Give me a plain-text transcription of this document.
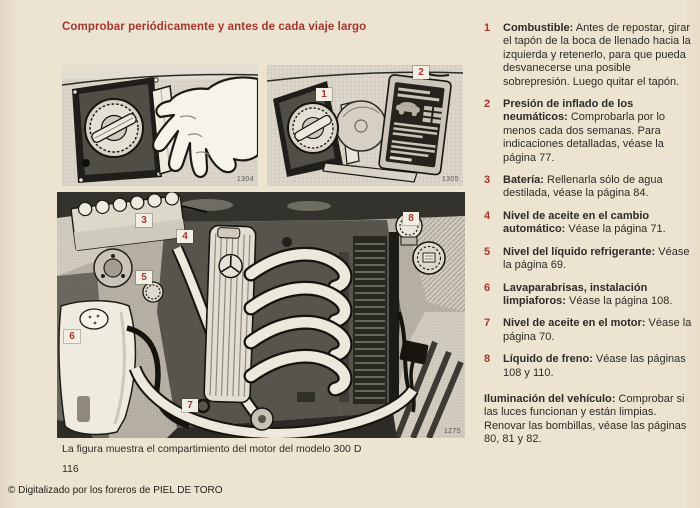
Comprobar periódicamente y antes de cada viaje largo
1304
1
2
1305
3
4
5
6
7
8
1275

La figura muestra el compartimiento del motor del modelo 300 D

116

© Digitalizado por los foreros de PIEL DE TORO

1	Combustible: Antes de repostar, girar el tapón de la boca de llenado hacia la izquierda y retenerlo, para que pueda desvanecerse una posible sobrepresión. Luego quitar el tapón.
2	Presión de inflado de los neumáticos: Comprobarla por lo menos cada dos semanas. Para indicaciones detalladas, véase la página 77.
3	Batería: Rellenarla sólo de agua destilada, véase la página 84.
4	Nivel de aceite en el cambio automático: Véase la página 71.
5	Nivel del líquido refrigerante: Véase la página 69.
6	Lavaparabrisas, instalación limpiaforos: Véase la página 108.
7	Nivel de aceite en el motor: Véase la página 70.
8	Líquido de freno: Véase las páginas 108 y 110.
Iluminación del vehículo: Comprobar si las luces funcionan y están limpias. Renovar las bombillas, véase las páginas 80, 81 y 82.
